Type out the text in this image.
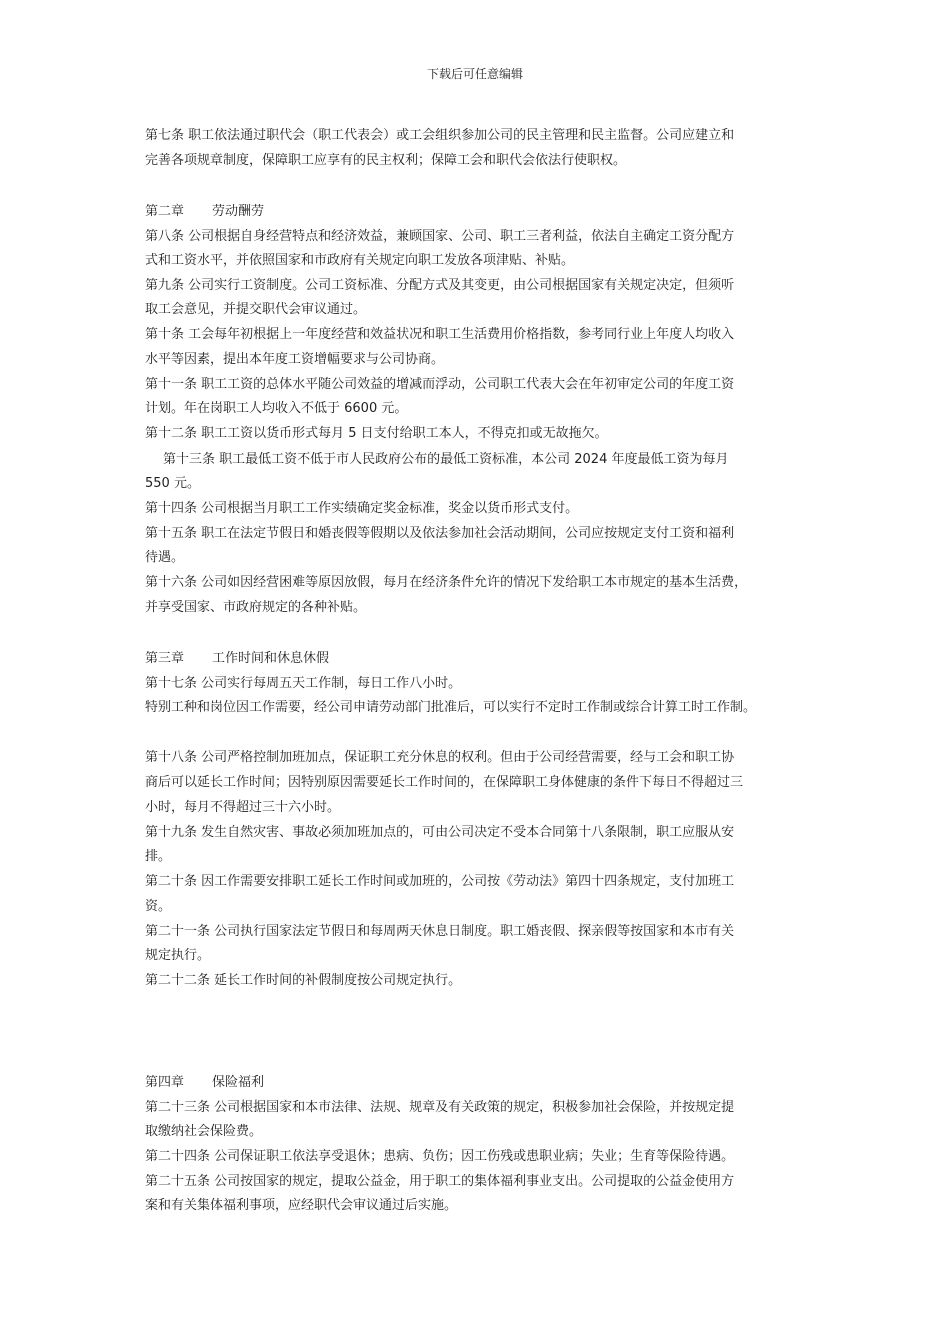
下载后可任意编辑
第七条 职工依法通过职代会（职工代表会）或工会组织参加公司的民主管理和民主监督。公司应建立和
完善各项规章制度，保障职工应享有的民主权利；保障工会和职代会依法行使职权。
第二章 劳动酬劳
第八条 公司根据自身经营特点和经济效益，兼顾国家、公司、职工三者利益，依法自主确定工资分配方
式和工资水平，并依照国家和市政府有关规定向职工发放各项津贴、补贴。
第九条 公司实行工资制度。公司工资标准、分配方式及其变更，由公司根据国家有关规定决定，但须听
取工会意见，并提交职代会审议通过。
第十条 工会每年初根据上一年度经营和效益状况和职工生活费用价格指数，参考同行业上年度人均收入
水平等因素，提出本年度工资增幅要求与公司协商。
第十一条 职工工资的总体水平随公司效益的增减而浮动，公司职工代表大会在年初审定公司的年度工资
计划。年在岗职工人均收入不低于 6600 元。
第十二条 职工工资以货币形式每月 5 日支付给职工本人，不得克扣或无故拖欠。
第十三条 职工最低工资不低于市人民政府公布的最低工资标准，本公司 2024 年度最低工资为每月
550 元。
第十四条 公司根据当月职工工作实绩确定奖金标准，奖金以货币形式支付。
第十五条 职工在法定节假日和婚丧假等假期以及依法参加社会活动期间，公司应按规定支付工资和福利
待遇。
第十六条 公司如因经营困难等原因放假，每月在经济条件允许的情况下发给职工本市规定的基本生活费，
并享受国家、市政府规定的各种补贴。
第三章 工作时间和休息休假
第十七条 公司实行每周五天工作制，每日工作八小时。
特别工种和岗位因工作需要，经公司申请劳动部门批准后，可以实行不定时工作制或综合计算工时工作制。
第十八条 公司严格控制加班加点，保证职工充分休息的权利。但由于公司经营需要，经与工会和职工协
商后可以延长工作时间；因特别原因需要延长工作时间的，在保障职工身体健康的条件下每日不得超过三
小时，每月不得超过三十六小时。
第十九条 发生自然灾害、事故必须加班加点的，可由公司决定不受本合同第十八条限制，职工应服从安
排。
第二十条 因工作需要安排职工延长工作时间或加班的，公司按《劳动法》第四十四条规定，支付加班工
资。
第二十一条 公司执行国家法定节假日和每周两天休息日制度。职工婚丧假、探亲假等按国家和本市有关
规定执行。
第二十二条 延长工作时间的补假制度按公司规定执行。
第四章 保险福利
第二十三条 公司根据国家和本市法律、法规、规章及有关政策的规定，积极参加社会保险，并按规定提
取缴纳社会保险费。
第二十四条 公司保证职工依法享受退休；患病、负伤；因工伤残或患职业病；失业；生育等保险待遇。
第二十五条 公司按国家的规定，提取公益金，用于职工的集体福利事业支出。公司提取的公益金使用方
案和有关集体福利事项，应经职代会审议通过后实施。
